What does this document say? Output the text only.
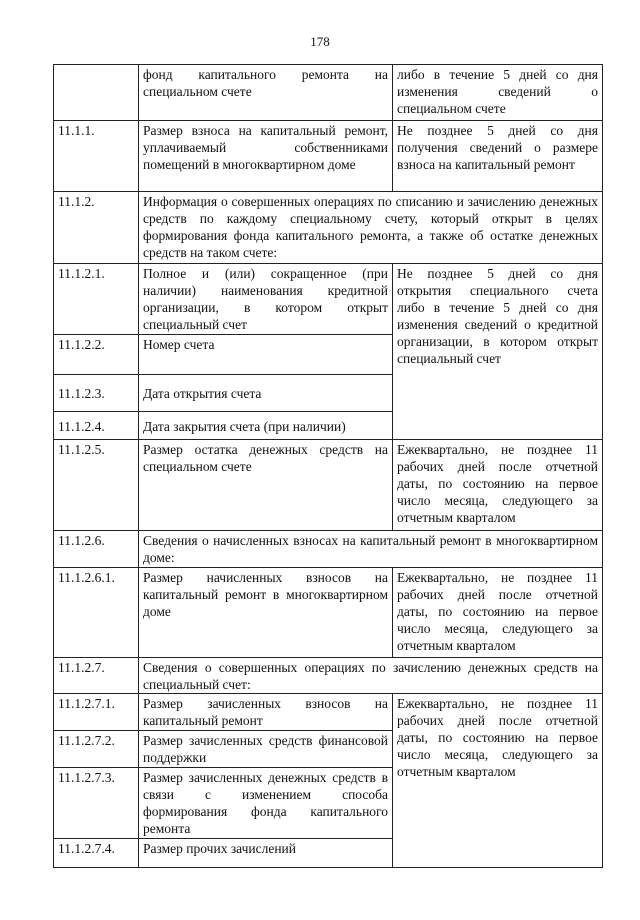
178
	фонд капитального ремонта на специальном счете	либо в течение 5 дней со дня изменения сведений о специальном счете
11.1.1.	Размер взноса на капитальный ремонт, уплачиваемый собственниками помещений в многоквартирном доме	Не позднее 5 дней со дня получения сведений о размере взноса на капитальный ремонт
11.1.2.	Информация о совершенных операциях по списанию и зачислению денежных средств по каждому специальному счету, который открыт в целях формирования фонда капитального ремонта, а также об остатке денежных средств на таком счете:	
11.1.2.1.	Полное и (или) сокращенное (при наличии) наименования кредитной организации, в котором открыт специальный счет	Не позднее 5 дней со дня открытия специального счета либо в течение 5 дней со дня изменения сведений о кредитной организации, в котором открыт специальный счет
11.1.2.2.	Номер счета	
11.1.2.3.	Дата открытия счета	
11.1.2.4.	Дата закрытия счета (при наличии)	
11.1.2.5.	Размер остатка денежных средств на специальном счете	Ежеквартально, не позднее 11 рабочих дней после отчетной даты, по состоянию на первое число месяца, следующего за отчетным кварталом
11.1.2.6.	Сведения о начисленных взносах на капитальный ремонт в многоквартирном доме:	
11.1.2.6.1.	Размер начисленных взносов на капитальный ремонт в многоквартирном доме	Ежеквартально, не позднее 11 рабочих дней после отчетной даты, по состоянию на первое число месяца, следующего за отчетным кварталом
11.1.2.7.	Сведения о совершенных операциях по зачислению денежных средств на специальный счет:	
11.1.2.7.1.	Размер зачисленных взносов на капитальный ремонт	Ежеквартально, не позднее 11 рабочих дней после отчетной даты, по состоянию на первое число месяца, следующего за отчетным кварталом
11.1.2.7.2.	Размер зачисленных средств финансовой поддержки	
11.1.2.7.3.	Размер зачисленных денежных средств в связи с изменением способа формирования фонда капитального ремонта	
11.1.2.7.4.	Размер прочих зачислений	
